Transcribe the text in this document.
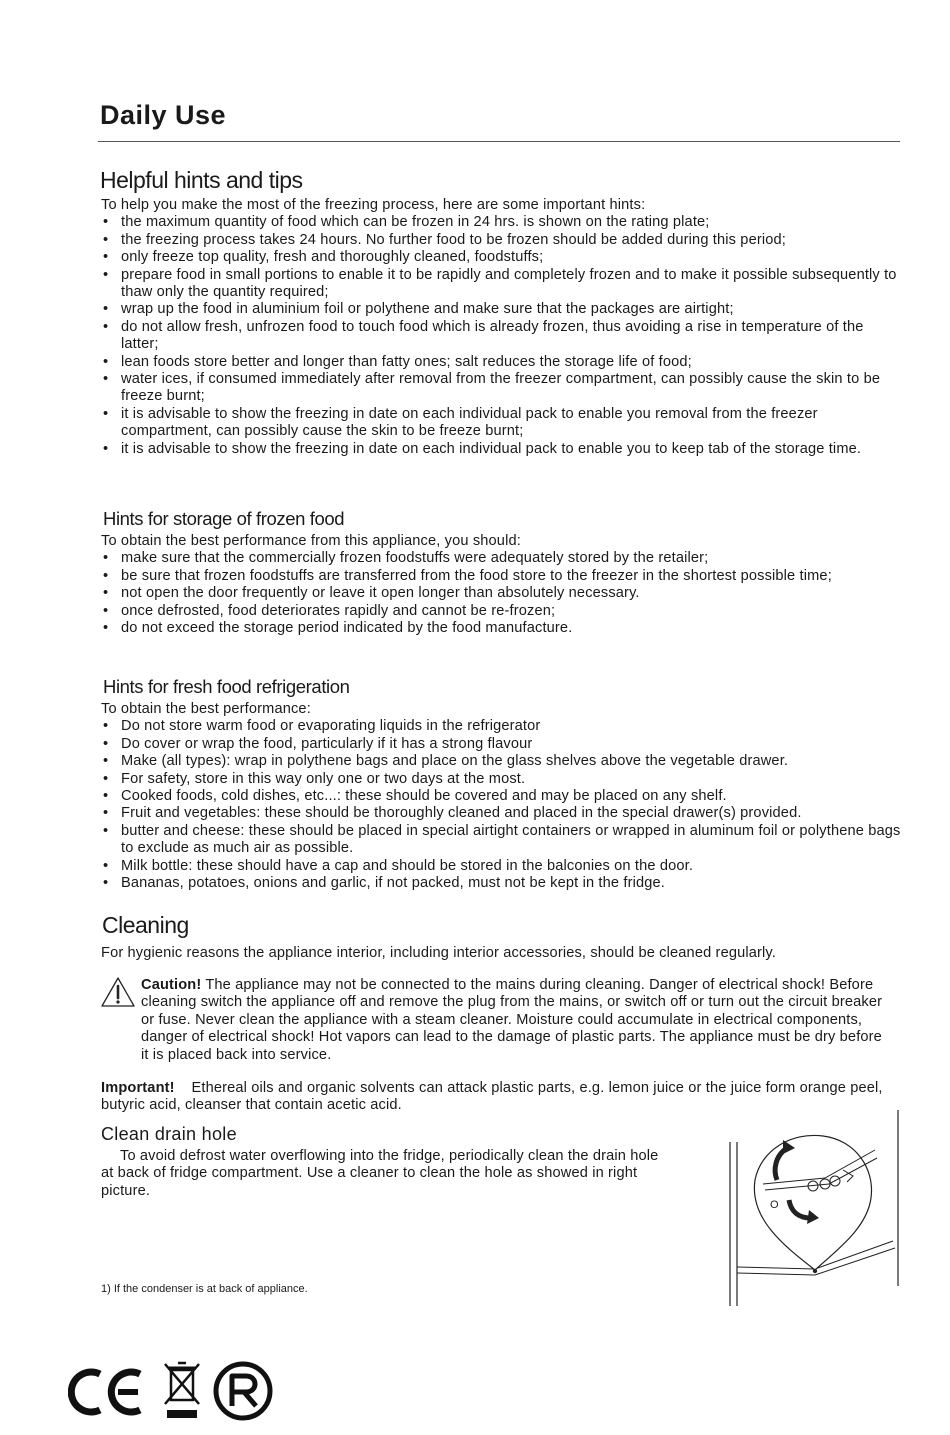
Daily Use
Helpful hints and tips
To help you make the most of the freezing process, here are some important hints:
• the maximum quantity of food which can be frozen in 24 hrs. is shown on the rating plate;
• the freezing process takes 24 hours. No further food to be frozen should be added during this period;
• only freeze top quality, fresh and thoroughly cleaned, foodstuffs;
• prepare food in small portions to enable it to be rapidly and completely frozen and to make it possible subsequently to thaw only the quantity required;
• wrap up the food in aluminium foil or polythene and make sure that the packages are airtight;
• do not allow fresh, unfrozen food to touch food which is already frozen, thus avoiding a rise in temperature of the latter;
• lean foods store better and longer than fatty ones; salt reduces the storage life of food;
• water ices, if consumed immediately after removal from the freezer compartment, can possibly cause the skin to be freeze burnt;
• it is advisable to show the freezing in date on each individual pack to enable you removal from the freezer compartment, can possibly cause the skin to be freeze burnt;
• it is advisable to show the freezing in date on each individual pack to enable you to keep tab of the storage time.
Hints for storage of frozen food
To obtain the best performance from this appliance, you should:
• make sure that the commercially frozen foodstuffs were adequately stored by the retailer;
• be sure that frozen foodstuffs are transferred from the food store to the freezer in the shortest possible time;
• not open the door frequently or leave it open longer than absolutely necessary.
• once defrosted, food deteriorates rapidly and cannot be re-frozen;
• do not exceed the storage period indicated by the food manufacture.
Hints for fresh food refrigeration
To obtain the best performance:
• Do not store warm food or evaporating liquids in the refrigerator
• Do cover or wrap the food, particularly if it has a strong flavour
• Make (all types): wrap in polythene bags and place on the glass shelves above the vegetable drawer.
• For safety, store in this way only one or two days at the most.
• Cooked foods, cold dishes, etc...: these should be covered and may be placed on any shelf.
• Fruit and vegetables: these should be thoroughly cleaned and placed in the special drawer(s) provided.
• butter and cheese: these should be placed in special airtight containers or wrapped in aluminum foil or polythene bags to exclude as much air as possible.
• Milk bottle: these should have a cap and should be stored in the balconies on the door.
• Bananas, potatoes, onions and garlic, if not packed, must not be kept in the fridge.
Cleaning
For hygienic reasons the appliance interior, including interior accessories, should be cleaned regularly.
Caution! The appliance may not be connected to the mains during cleaning. Danger of electrical shock! Before cleaning switch the appliance off and remove the plug from the mains, or switch off or turn out the circuit breaker or fuse. Never clean the appliance with a steam cleaner. Moisture could accumulate in electrical components, danger of electrical shock! Hot vapors can lead to the damage of plastic parts. The appliance must be dry before it is placed back into service.
Important! Ethereal oils and organic solvents can attack plastic parts, e.g. lemon juice or the juice form orange peel, butyric acid, cleanser that contain acetic acid.
Clean drain hole
To avoid defrost water overflowing into the fridge, periodically clean the drain hole at back of fridge compartment. Use a cleaner to clean the hole as showed in right picture.
O
1) If the condenser is at back of appliance.
